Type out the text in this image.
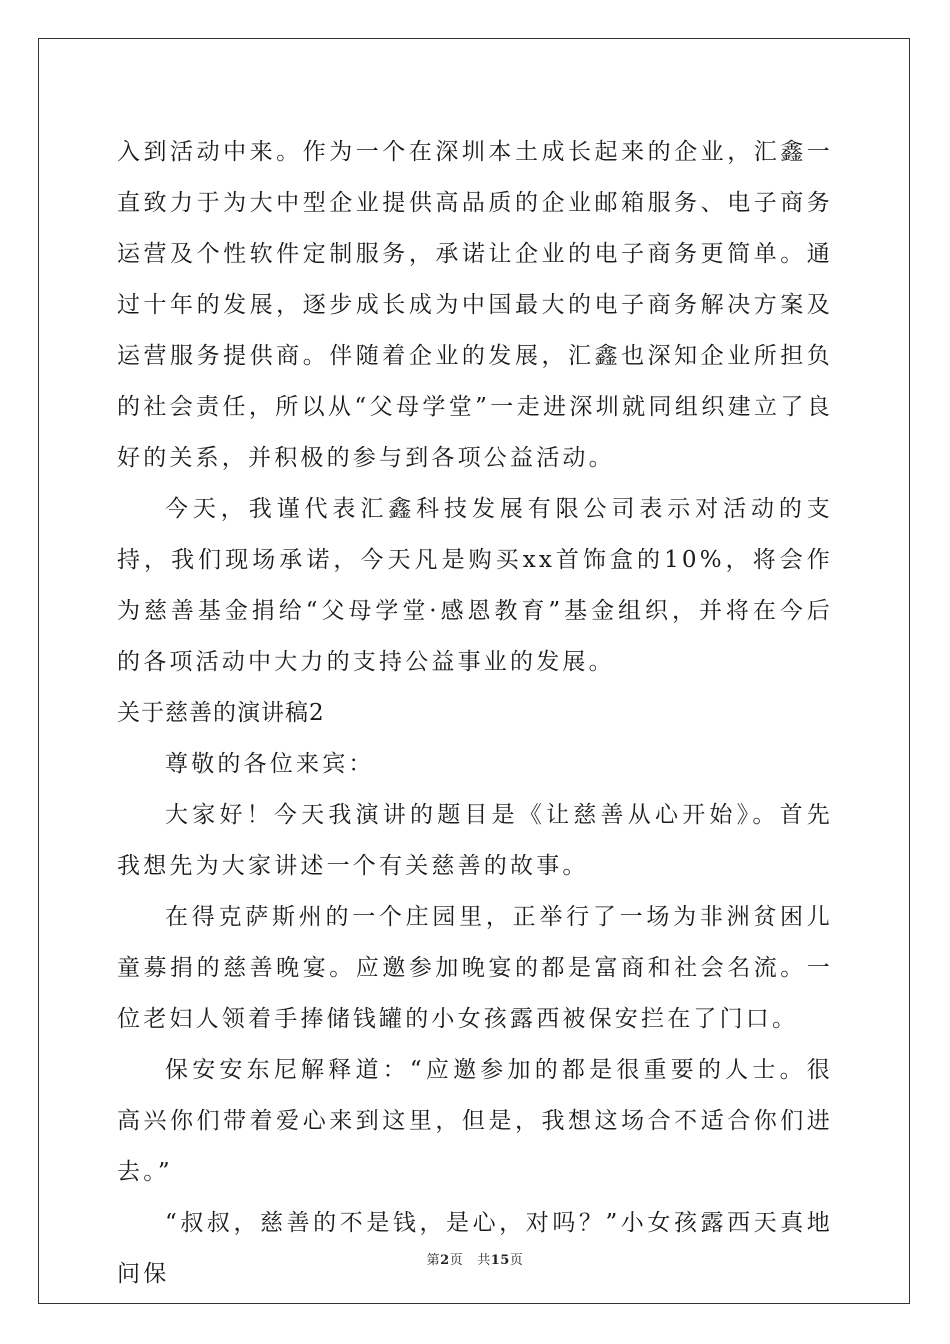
入到活动中来。作为一个在深圳本土成长起来的企业，汇鑫一直致力于为大中型企业提供高品质的企业邮箱服务、电子商务运营及个性软件定制服务，承诺让企业的电子商务更简单。通过十年的发展，逐步成长成为中国最大的电子商务解决方案及运营服务提供商。伴随着企业的发展，汇鑫也深知企业所担负的社会责任，所以从“父母学堂”一走进深圳就同组织建立了良好的关系，并积极的参与到各项公益活动。

今天，我谨代表汇鑫科技发展有限公司表示对活动的支持，我们现场承诺，今天凡是购买xx首饰盒的10%，将会作为慈善基金捐给“父母学堂·感恩教育”基金组织，并将在今后的各项活动中大力的支持公益事业的发展。

关于慈善的演讲稿2

尊敬的各位来宾：

大家好！今天我演讲的题目是《让慈善从心开始》。首先我想先为大家讲述一个有关慈善的故事。

在得克萨斯州的一个庄园里，正举行了一场为非洲贫困儿童募捐的慈善晚宴。应邀参加晚宴的都是富商和社会名流。一位老妇人领着手捧储钱罐的小女孩露西被保安拦在了门口。

保安安东尼解释道：“应邀参加的都是很重要的人士。很高兴你们带着爱心来到这里，但是，我想这场合不适合你们进去。”

“叔叔，慈善的不是钱，是心，对吗？”小女孩露西天真地问保

第2页 共15页
